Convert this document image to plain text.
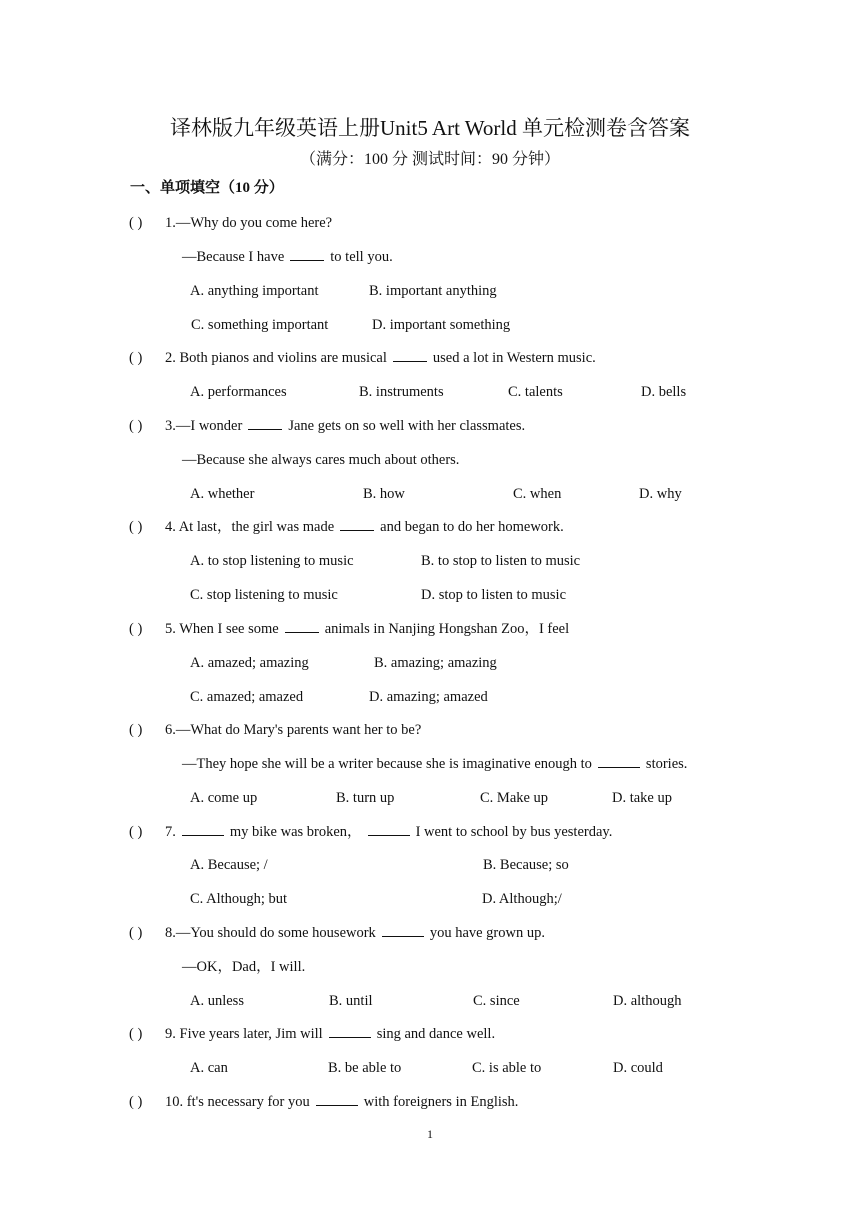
译林版九年级英语上册Unit5 Art World 单元检测卷含答案
（满分：100 分 测试时间：90 分钟）
一、单项填空（10 分）
( ) 1.—Why do you come here?
—Because I have	to tell you.
A. anything important	B. important anything
C. something important	D. important something
( ) 2. Both pianos and violins are musical	used a lot in Western music.
A. performances	B. instruments	C. talents	D. bells
( ) 3.—I wonder	Jane gets on so well with her classmates.
—Because she always cares much about others.
A. whether	B. how	C. when	D. why
( ) 4. At last，the girl was made	and began to do her homework.
A. to stop listening to music	B. to stop to listen to music
C. stop listening to music	D. stop to listen to music
( ) 5. When I see some	animals in Nanjing Hongshan Zoo，I feel
A. amazed; amazing	B. amazing; amazing
C. amazed; amazed	D. amazing; amazed
( ) 6.—What do Mary's parents want her to be?
—They hope she will be a writer because she is imaginative enough to	stories.
A. come up	B. turn up	C. Make up	D. take up
( ) 7.	my bike was broken，	I went to school by bus yesterday.
A. Because; /	B. Because; so
C. Although; but	D. Although;/
( ) 8.—You should do some housework	you have grown up.
—OK，Dad，I will.
A. unless	B. until	C. since	D. although
( ) 9. Five years later, Jim will	sing and dance well.
A. can	B. be able to	C. is able to	D. could
( ) 10. ft's necessary for you	with foreigners in English.
1
